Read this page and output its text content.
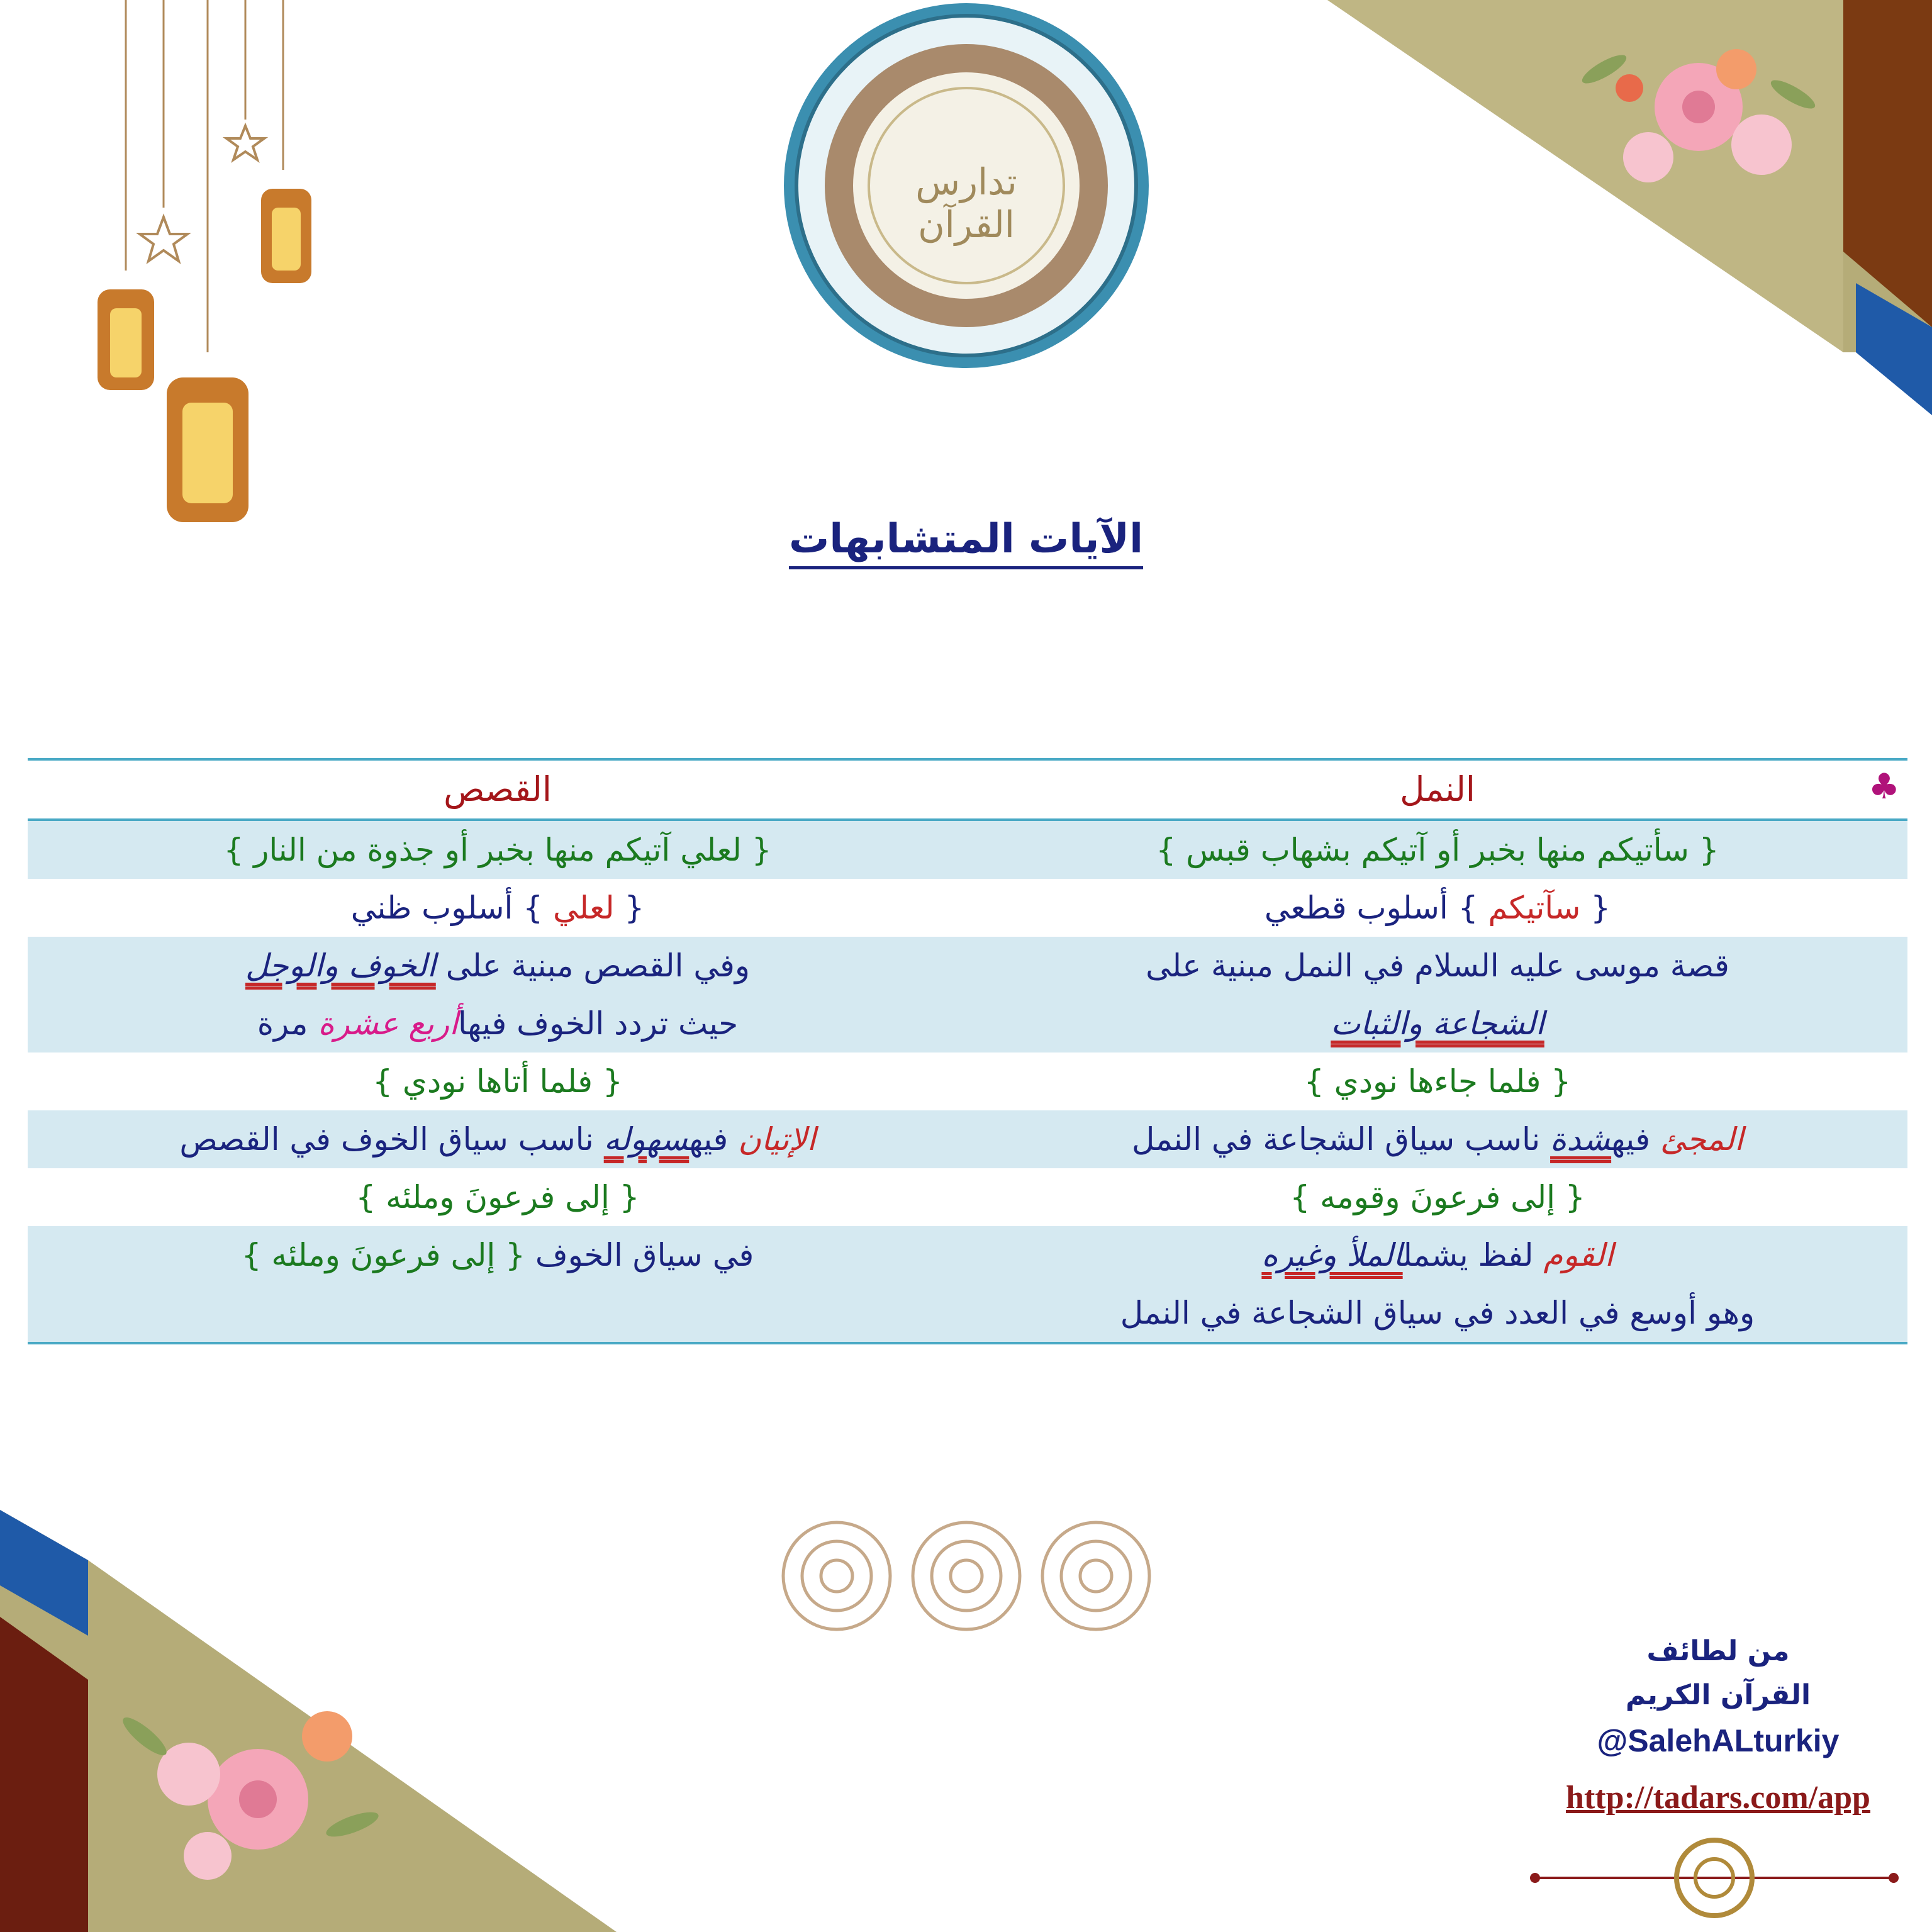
تدارس القرآن
الآيات المتشابهات
♣
النمل
القصص
{ سأتيكم منها بخبر أو آتيكم بشهاب قبس }
{ لعلي آتيكم منها بخبر أو جذوة من النار }
{ سآتيكم } أسلوب قطعي
{ لعلي } أسلوب ظني
قصة موسى عليه السلام في النمل مبنية على
الشجاعة والثبات
وفي القصص مبنية على الخوف والوجل
حيث تردد الخوف فيهاأربع عشرة مرة
{ فلما جاءها نودي }
{ فلما أتاها نودي }
المجئ فيهشدة ناسب سياق الشجاعة في النمل
الإتيان فيهسهوله ناسب سياق الخوف في القصص
{ إلى فرعونَ وقومه }
{ إلى فرعونَ وملئه }
القوم لفظ يشملالملأ وغيره
وهو أوسع في العدد في سياق الشجاعة في النمل
في سياق الخوف { إلى فرعونَ وملئه }
من لطائف
القرآن الكريم
@SalehALturkiy
http://tadars.com/app
